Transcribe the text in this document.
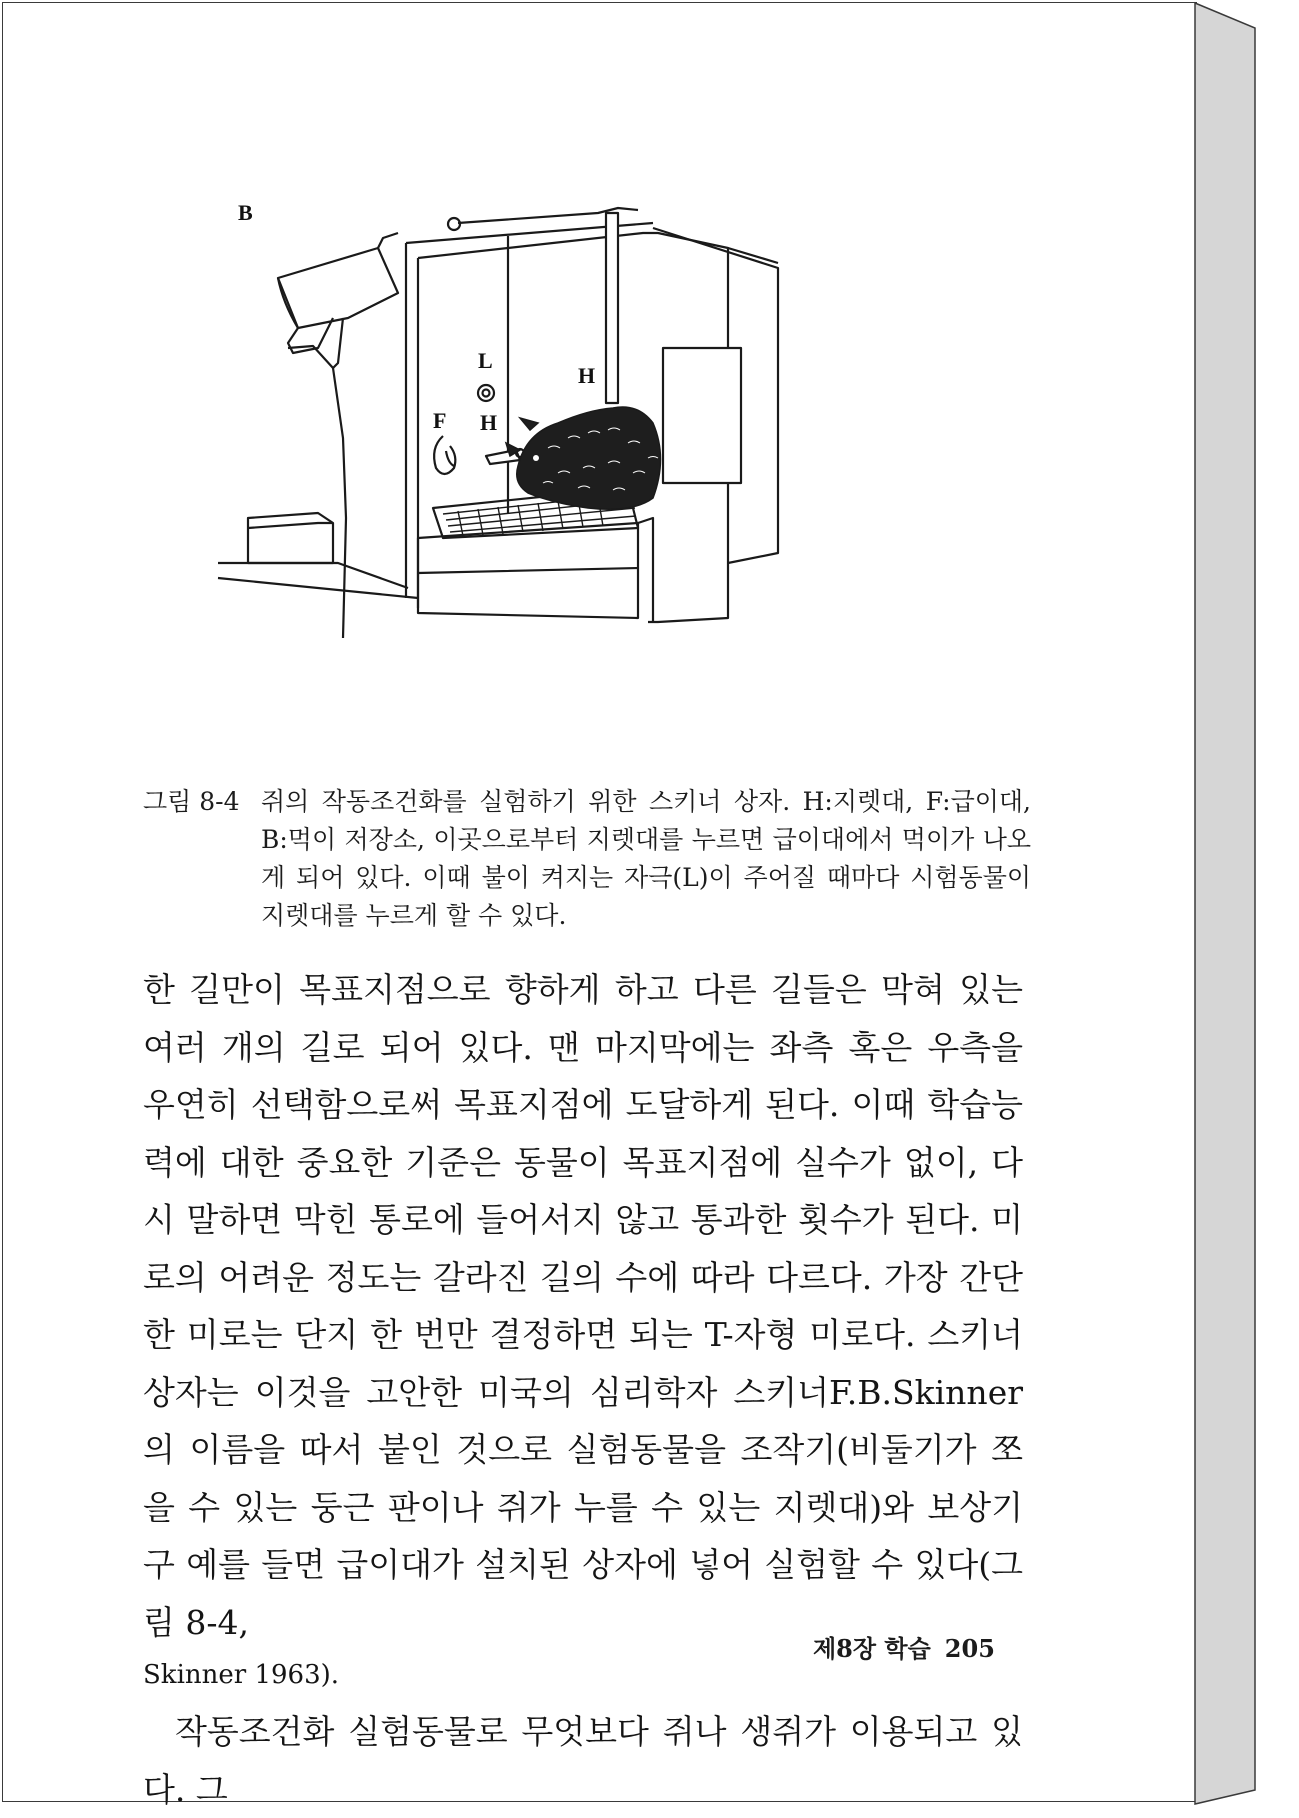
B
L
H
F H
그림 8-4 쥐의 작동조건화를 실험하기 위한 스키너 상자. H:지렛대, F:급이대, B:먹이 저장소, 이곳으로부터 지렛대를 누르면 급이대에서 먹이가 나오게 되어 있다. 이때 불이 켜지는 자극(L)이 주어질 때마다 시험동물이 지렛대를 누르게 할 수 있다.

한 길만이 목표지점으로 향하게 하고 다른 길들은 막혀 있는 여러 개의 길로 되어 있다. 맨 마지막에는 좌측 혹은 우측을 우연히 선택함으로써 목표지점에 도달하게 된다. 이때 학습능력에 대한 중요한 기준은 동물이 목표지점에 실수가 없이, 다시 말하면 막힌 통로에 들어서지 않고 통과한 횟수가 된다. 미로의 어려운 정도는 갈라진 길의 수에 따라 다르다. 가장 간단한 미로는 단지 한 번만 결정하면 되는 T-자형 미로다. 스키너 상자는 이것을 고안한 미국의 심리학자 스키너F.B.Skinner의 이름을 따서 붙인 것으로 실험동물을 조작기(비둘기가 쪼을 수 있는 둥근 판이나 쥐가 누를 수 있는 지렛대)와 보상기구 예를 들면 급이대가 설치된 상자에 넣어 실험할 수 있다(그림 8-4,

Skinner 1963).

작동조건화 실험동물로 무엇보다 쥐나 생쥐가 이용되고 있다. 그

제8장 학습 205
